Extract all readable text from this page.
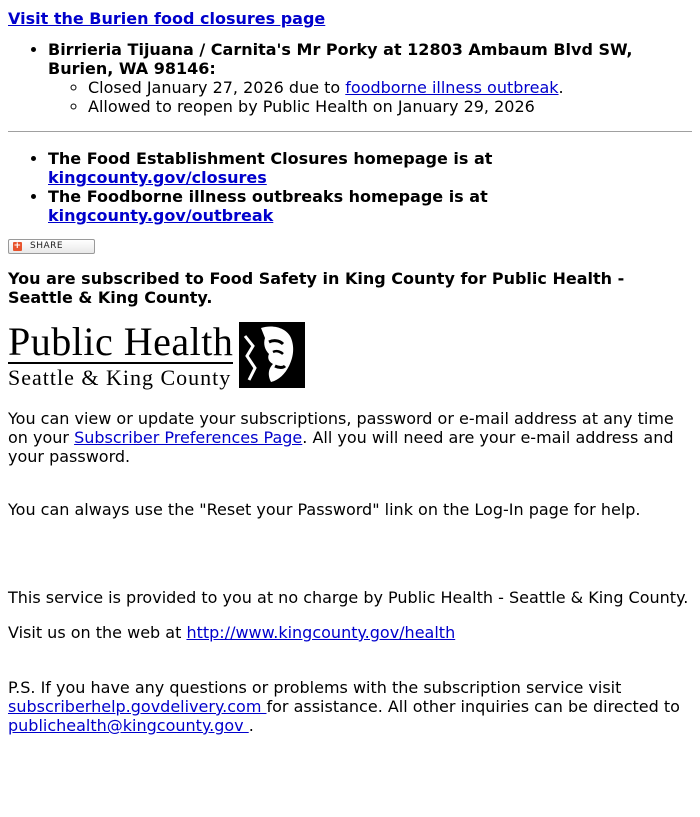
Visit the Burien food closures page
• Birrieria Tijuana / Carnita's Mr Porky at 12803 Ambaum Blvd SW, Burien, WA 98146:
◦ Closed January 27, 2026 due to foodborne illness outbreak.
◦ Allowed to reopen by Public Health on January 29, 2026
• The Food Establishment Closures homepage is at kingcounty.gov/closures
• The Foodborne illness outbreaks homepage is at kingcounty.gov/outbreak
+ SHARE
You are subscribed to Food Safety in King County for Public Health - Seattle & King County.
Public Health
Seattle & King County

You can view or update your subscriptions, password or e-mail address at any time on your Subscriber Preferences Page. All you will need are your e-mail address and your password.

You can always use the "Reset your Password" link on the Log-In page for help.

This service is provided to you at no charge by Public Health - Seattle & King County.

Visit us on the web at http://www.kingcounty.gov/health

P.S. If you have any questions or problems with the subscription service visit subscriberhelp.govdelivery.com for assistance. All other inquiries can be directed to publichealth@kingcounty.gov .
